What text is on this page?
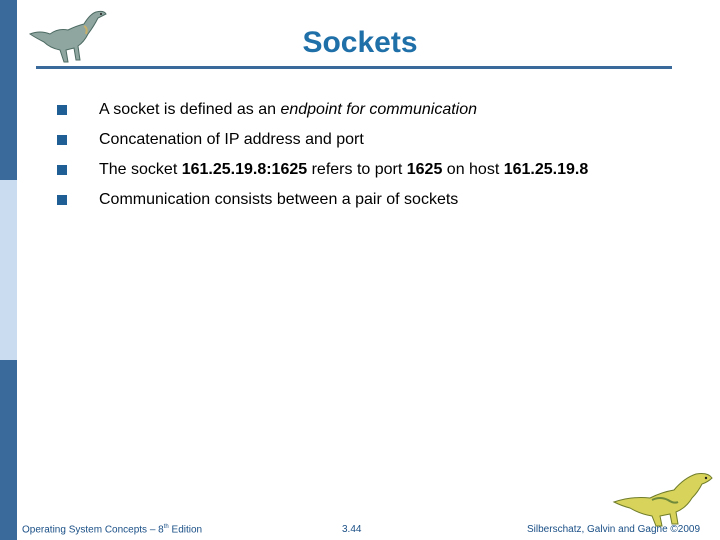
Sockets
A socket is defined as an endpoint for communication
Concatenation of IP address and port
The socket 161.25.19.8:1625 refers to port 1625 on host 161.25.19.8
Communication consists between a pair of sockets
Operating System Concepts – 8th Edition	3.44	Silberschatz, Galvin and Gagne ©2009
